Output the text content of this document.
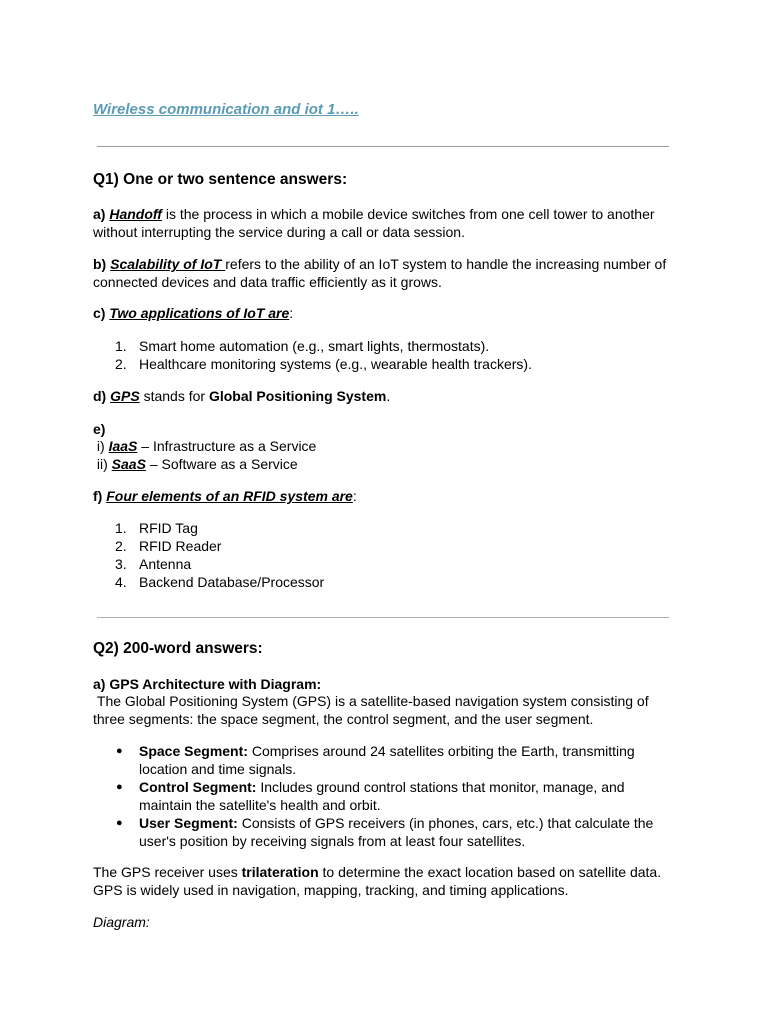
Wireless communication and iot 1…..
Q1) One or two sentence answers:
a) Handoff is the process in which a mobile device switches from one cell tower to another without interrupting the service during a call or data session.
b) Scalability of IoT refers to the ability of an IoT system to handle the increasing number of connected devices and data traffic efficiently as it grows.
c) Two applications of IoT are:
1. Smart home automation (e.g., smart lights, thermostats).
2. Healthcare monitoring systems (e.g., wearable health trackers).
d) GPS stands for Global Positioning System.
e)
i) IaaS – Infrastructure as a Service
ii) SaaS – Software as a Service
f) Four elements of an RFID system are:
1. RFID Tag
2. RFID Reader
3. Antenna
4. Backend Database/Processor
Q2) 200-word answers:
a) GPS Architecture with Diagram:
The Global Positioning System (GPS) is a satellite-based navigation system consisting of three segments: the space segment, the control segment, and the user segment.
● Space Segment: Comprises around 24 satellites orbiting the Earth, transmitting location and time signals.
● Control Segment: Includes ground control stations that monitor, manage, and maintain the satellite's health and orbit.
● User Segment: Consists of GPS receivers (in phones, cars, etc.) that calculate the user's position by receiving signals from at least four satellites.
The GPS receiver uses trilateration to determine the exact location based on satellite data. GPS is widely used in navigation, mapping, tracking, and timing applications.
Diagram:
